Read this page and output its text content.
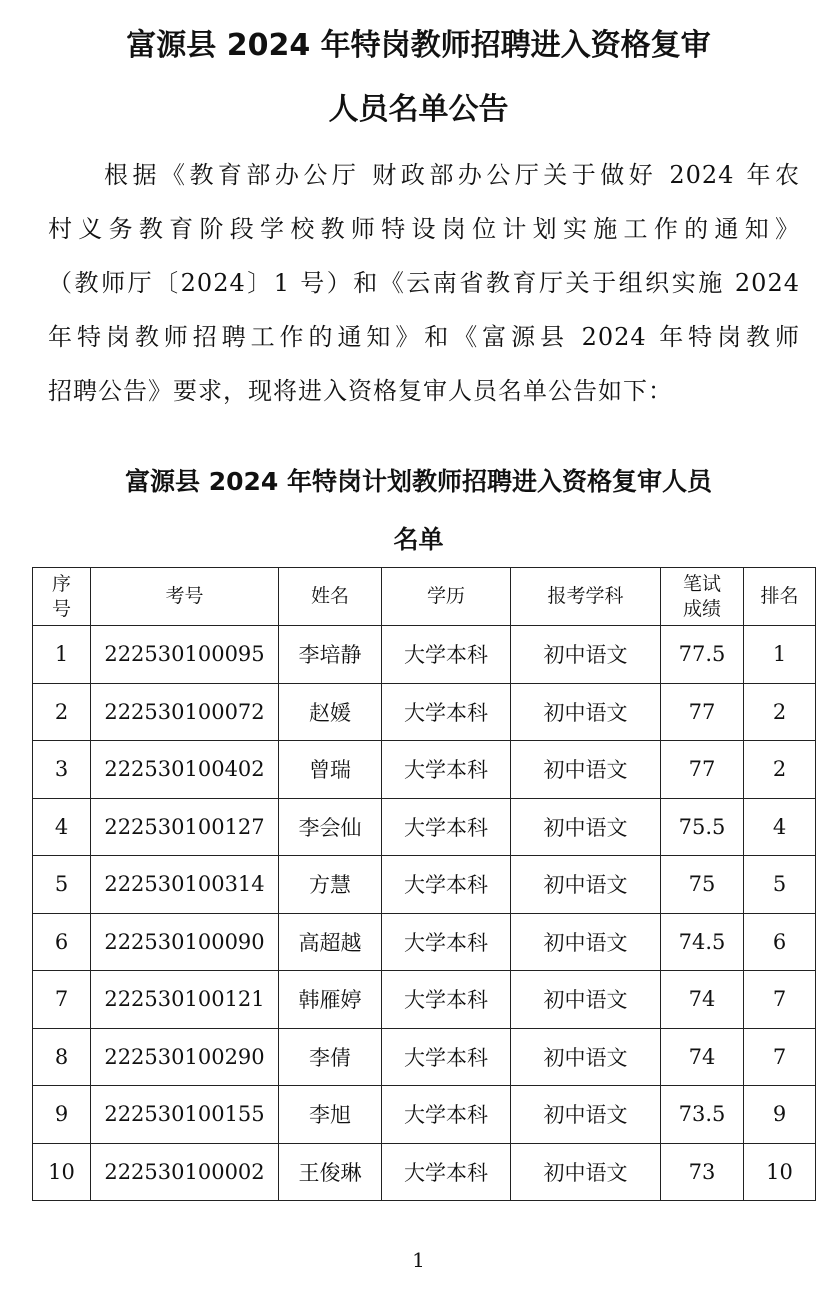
富源县 2024 年特岗教师招聘进入资格复审
人员名单公告
根据《教育部办公厅 财政部办公厅关于做好 2024 年农
村义务教育阶段学校教师特设岗位计划实施工作的通知》
（教师厅〔2024〕1 号）和《云南省教育厅关于组织实施 2024
年特岗教师招聘工作的通知》和《富源县 2024 年特岗教师
招聘公告》要求，现将进入资格复审人员名单公告如下：
富源县 2024 年特岗计划教师招聘进入资格复审人员
名单
序号	考号	姓名	学历	报考学科	笔试成绩	排名
1	222530100095	李培静	大学本科	初中语文	77.5	1
2	222530100072	赵媛	大学本科	初中语文	77	2
3	222530100402	曾瑞	大学本科	初中语文	77	2
4	222530100127	李会仙	大学本科	初中语文	75.5	4
5	222530100314	方慧	大学本科	初中语文	75	5
6	222530100090	高超越	大学本科	初中语文	74.5	6
7	222530100121	韩雁婷	大学本科	初中语文	74	7
8	222530100290	李倩	大学本科	初中语文	74	7
9	222530100155	李旭	大学本科	初中语文	73.5	9
10	222530100002	王俊琳	大学本科	初中语文	73	10
1
